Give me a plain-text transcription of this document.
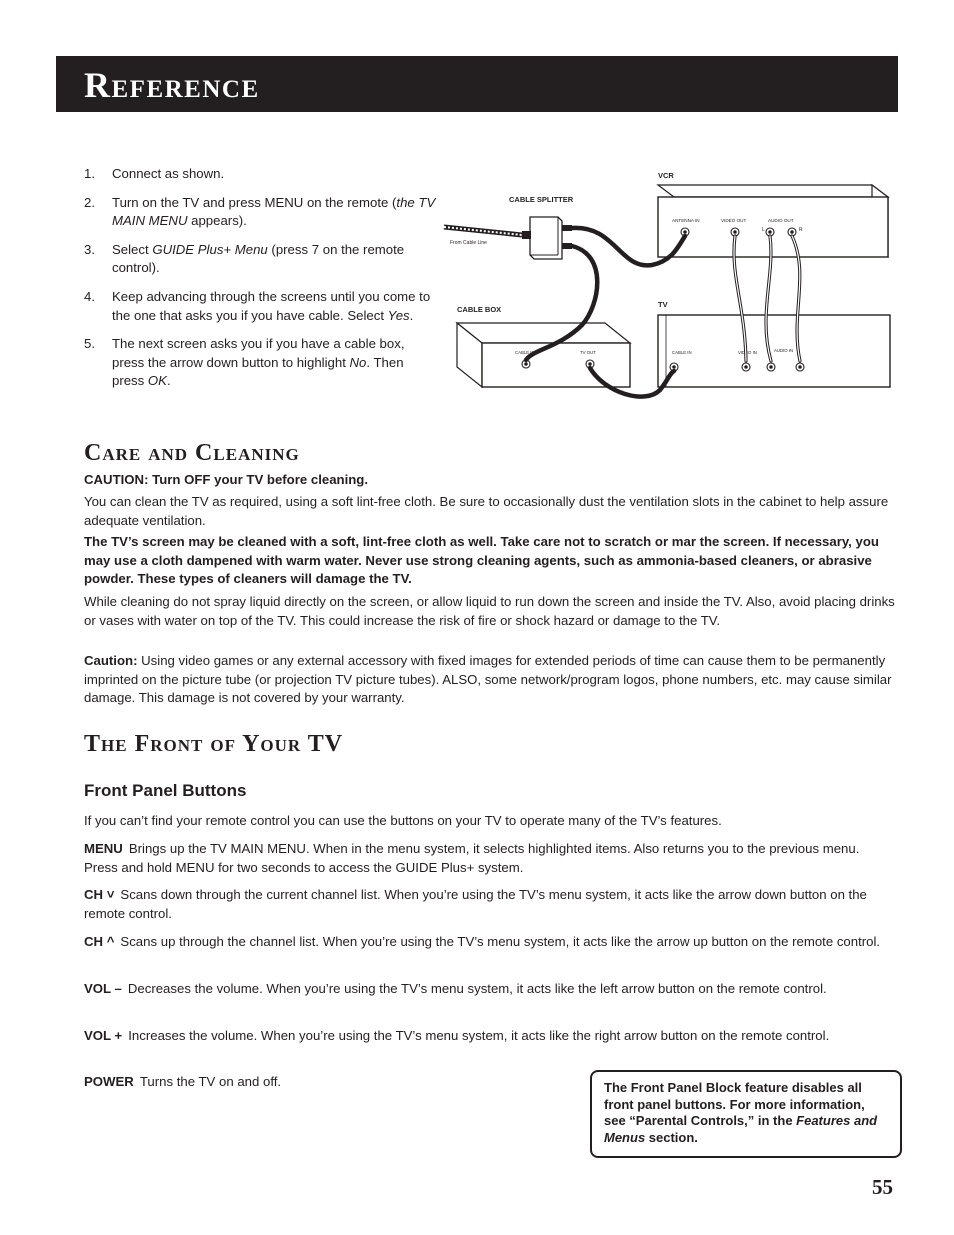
Reference
1. Connect as shown.
2. Turn on the TV and press MENU on the remote (the TV MAIN MENU appears).
3. Select GUIDE Plus+ Menu (press 7 on the remote control).
4. Keep advancing through the screens until you come to the one that asks you if you have cable. Select Yes.
5. The next screen asks you if you have a cable box, press the arrow down button to highlight No. Then press OK.
VCR
ANTENNA IN	VIDEO OUT	AUDIO OUT
L	R
CABLE SPLITTER
From Cable Line
CABLE BOX
CABLE IN	TV OUT
TV
CABLE IN	VIDEO IN	AUDIO IN
Care and Cleaning
CAUTION: Turn OFF your TV before cleaning.
You can clean the TV as required, using a soft lint-free cloth. Be sure to occasionally dust the ventilation slots in the cabinet to help assure adequate ventilation.
The TV’s screen may be cleaned with a soft, lint-free cloth as well. Take care not to scratch or mar the screen. If necessary, you may use a cloth dampened with warm water. Never use strong cleaning agents, such as ammonia-based cleaners, or abrasive powder. These types of cleaners will damage the TV.
While cleaning do not spray liquid directly on the screen, or allow liquid to run down the screen and inside the TV. Also, avoid placing drinks or vases with water on top of the TV. This could increase the risk of fire or shock hazard or damage to the TV.
Caution: Using video games or any external accessory with fixed images for extended periods of time can cause them to be permanently imprinted on the picture tube (or projection TV picture tubes). ALSO, some network/program logos, phone numbers, etc. may cause similar damage. This damage is not covered by your warranty.
The Front of Your TV
Front Panel Buttons
If you can’t find your remote control you can use the buttons on your TV to operate many of the TV’s features.
MENU Brings up the TV MAIN MENU. When in the menu system, it selects highlighted items. Also returns you to the previous menu. Press and hold MENU for two seconds to access the GUIDE Plus+ system.
CH ˅ Scans down through the current channel list. When you’re using the TV’s menu system, it acts like the arrow down button on the remote control.
CH ^ Scans up through the channel list. When you’re using the TV’s menu system, it acts like the arrow up button on the remote control.
VOL – Decreases the volume. When you’re using the TV’s menu system, it acts like the left arrow button on the remote control.
VOL + Increases the volume. When you’re using the TV’s menu system, it acts like the right arrow button on the remote control.
POWER Turns the TV on and off.	The Front Panel Block feature disables all front panel buttons. For more information, see “Parental Controls,” in the Features and Menus section.
55
